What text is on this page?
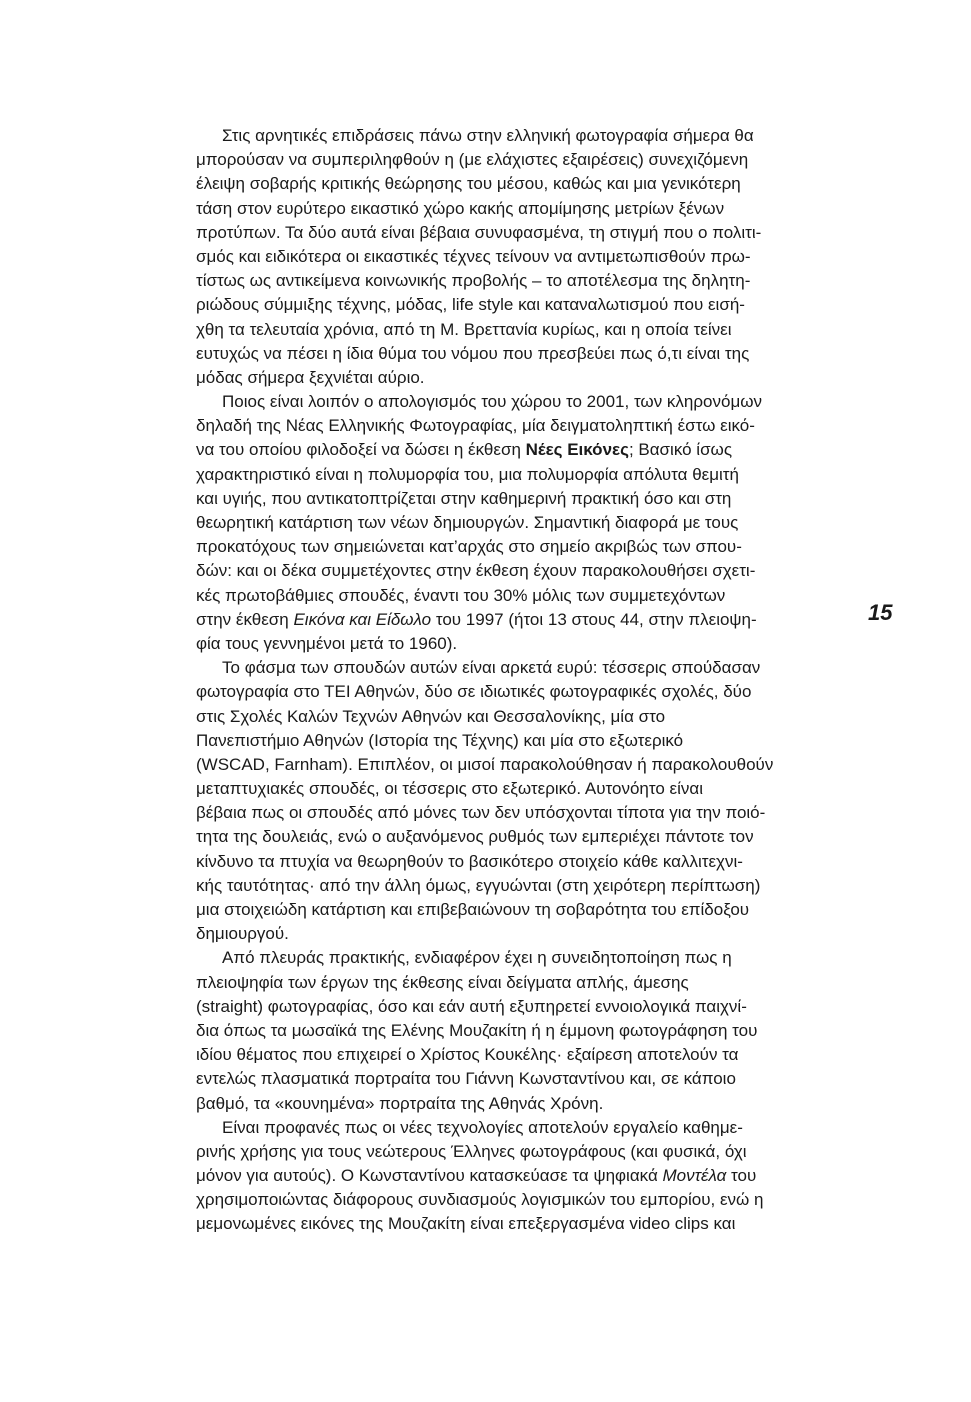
Στις αρνητικές επιδράσεις πάνω στην ελληνική φωτογραφία σήμερα θα
μπορούσαν να συμπεριληφθούν η (με ελάχιστες εξαιρέσεις) συνεχιζόμενη
έλειψη σοβαρής κριτικής θεώρησης του μέσου, καθώς και μια γενικότερη
τάση στον ευρύτερο εικαστικό χώρο κακής απομίμησης μετρίων ξένων
προτύπων. Τα δύο αυτά είναι βέβαια συνυφασμένα, τη στιγμή που ο πολιτι-
σμός και ειδικότερα οι εικαστικές τέχνες τείνουν να αντιμετωπισθούν πρω-
τίστως ως αντικείμενα κοινωνικής προβολής – το αποτέλεσμα της δηλητη-
ριώδους σύμμιξης τέχνης, μόδας, life style και καταναλωτισμού που εισή-
χθη τα τελευταία χρόνια, από τη Μ. Βρεττανία κυρίως, και η οποία τείνει
ευτυχώς να πέσει η ίδια θύμα του νόμου που πρεσβεύει πως ό,τι είναι της
μόδας σήμερα ξεχνιέται αύριο.
Ποιος είναι λοιπόν ο απολογισμός του χώρου το 2001, των κληρονόμων
δηλαδή της Νέας Ελληνικής Φωτογραφίας, μία δειγματοληπτική έστω εικό-
να του οποίου φιλοδοξεί να δώσει η έκθεση Νέες Εικόνες; Βασικό ίσως
χαρακτηριστικό είναι η πολυμορφία του, μια πολυμορφία απόλυτα θεμιτή
και υγιής, που αντικατοπτρίζεται στην καθημερινή πρακτική όσο και στη
θεωρητική κατάρτιση των νέων δημιουργών. Σημαντική διαφορά με τους
προκατόχους των σημειώνεται κατ’αρχάς στο σημείο ακριβώς των σπου-
δών: και οι δέκα συμμετέχοντες στην έκθεση έχουν παρακολουθήσει σχετι-
κές πρωτοβάθμιες σπουδές, έναντι του 30% μόλις των συμμετεχόντων
στην έκθεση Εικόνα και Είδωλο του 1997 (ήτοι 13 στους 44, στην πλειοψη-
φία τους γεννημένοι μετά το 1960).
Το φάσμα των σπουδών αυτών είναι αρκετά ευρύ: τέσσερις σπούδασαν
φωτογραφία στο ΤΕΙ Αθηνών, δύο σε ιδιωτικές φωτογραφικές σχολές, δύο
στις Σχολές Καλών Τεχνών Αθηνών και Θεσσαλονίκης, μία στο
Πανεπιστήμιο Αθηνών (Ιστορία της Τέχνης) και μία στο εξωτερικό
(WSCAD, Farnham). Επιπλέον, οι μισοί παρακολούθησαν ή παρακολουθούν
μεταπτυχιακές σπουδές, οι τέσσερις στο εξωτερικό. Αυτονόητο είναι
βέβαια πως οι σπουδές από μόνες των δεν υπόσχονται τίποτα για την ποιό-
τητα της δουλειάς, ενώ ο αυξανόμενος ρυθμός των εμπεριέχει πάντοτε τον
κίνδυνο τα πτυχία να θεωρηθούν το βασικότερο στοιχείο κάθε καλλιτεχνι-
κής ταυτότητας· από την άλλη όμως, εγγυώνται (στη χειρότερη περίπτωση)
μια στοιχειώδη κατάρτιση και επιβεβαιώνουν τη σοβαρότητα του επίδοξου
δημιουργού.
Από πλευράς πρακτικής, ενδιαφέρον έχει η συνειδητοποίηση πως η
πλειοψηφία των έργων της έκθεσης είναι δείγματα απλής, άμεσης
(straight) φωτογραφίας, όσο και εάν αυτή εξυπηρετεί εννοιολογικά παιχνί-
δια όπως τα μωσαϊκά της Ελένης Μουζακίτη ή η έμμονη φωτογράφηση του
ιδίου θέματος που επιχειρεί ο Χρίστος Κουκέλης· εξαίρεση αποτελούν τα
εντελώς πλασματικά πορτραίτα του Γιάννη Κωνσταντίνου και, σε κάποιο
βαθμό, τα «κουνημένα» πορτραίτα της Αθηνάς Χρόνη.
Είναι προφανές πως οι νέες τεχνολογίες αποτελούν εργαλείο καθημε-
ρινής χρήσης για τους νεώτερους Έλληνες φωτογράφους (και φυσικά, όχι
μόνον για αυτούς). Ο Κωνσταντίνου κατασκεύασε τα ψηφιακά Μοντέλα του
χρησιμοποιώντας διάφορους συνδιασμούς λογισμικών του εμπορίου, ενώ η
μεμονωμένες εικόνες της Μουζακίτη είναι επεξεργασμένα video clips και
15
